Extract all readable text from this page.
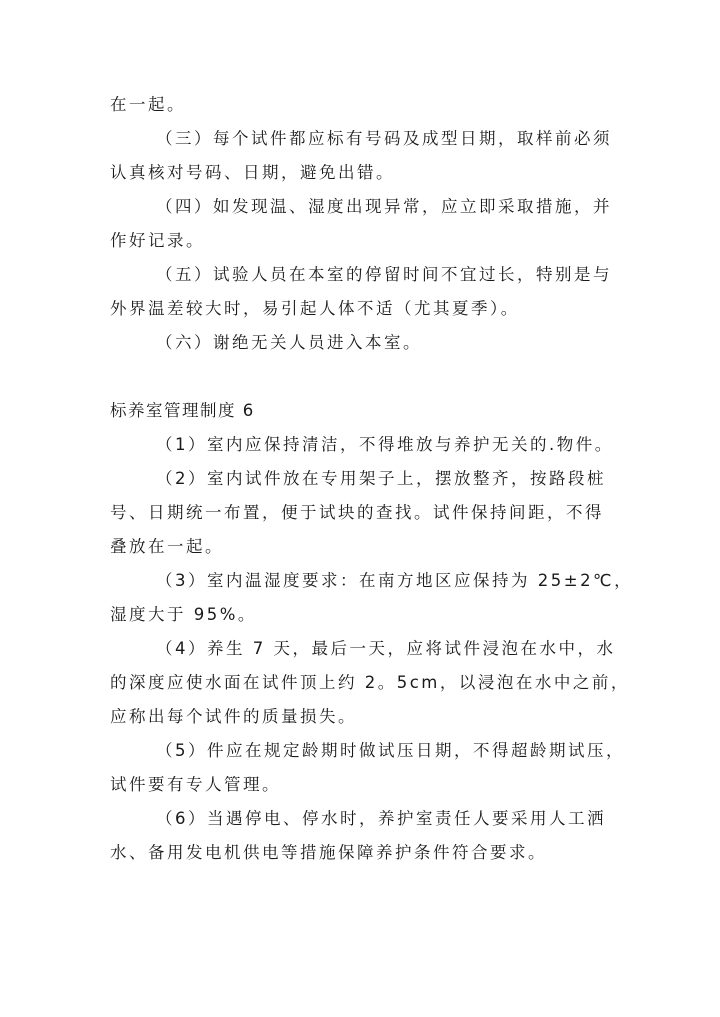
在一起。
（三）每个试件都应标有号码及成型日期，取样前必须
认真核对号码、日期，避免出错。
（四）如发现温、湿度出现异常，应立即采取措施，并
作好记录。
（五）试验人员在本室的停留时间不宜过长，特别是与
外界温差较大时，易引起人体不适（尤其夏季）。
（六）谢绝无关人员进入本室。
标养室管理制度 6
（1）室内应保持清洁，不得堆放与养护无关的.物件。
（2）室内试件放在专用架子上，摆放整齐，按路段桩
号、日期统一布置，便于试块的查找。试件保持间距，不得
叠放在一起。
（3）室内温湿度要求：在南方地区应保持为 25±2℃，
湿度大于 95%。
（4）养生 7 天，最后一天，应将试件浸泡在水中，水
的深度应使水面在试件顶上约 2。5cm，以浸泡在水中之前，
应称出每个试件的质量损失。
（5）件应在规定龄期时做试压日期，不得超龄期试压，
试件要有专人管理。
（6）当遇停电、停水时，养护室责任人要采用人工洒
水、备用发电机供电等措施保障养护条件符合要求。
